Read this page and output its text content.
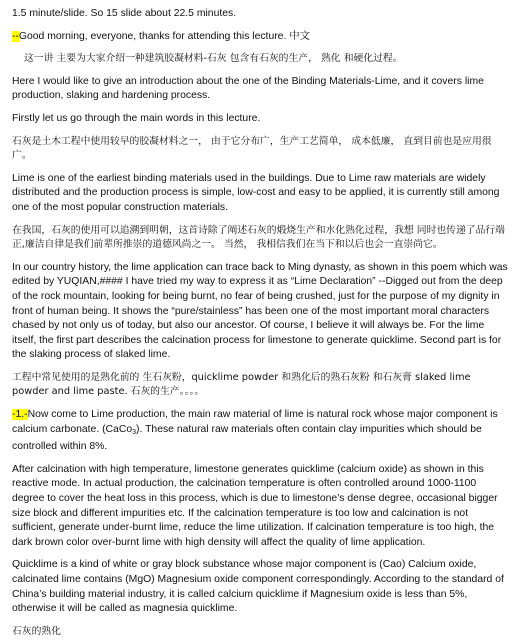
1.5 minute/slide. So 15 slide about 22.5 minutes.

--Good morning, everyone, thanks for attending this lecture. 中文

这一讲 主要为大家介绍一种建筑胶凝材料-石灰 包含有石灰的生产， 熟化 和硬化过程。

Here I would like to give an introduction about the one of the Binding Materials-Lime, and it covers lime production, slaking and hardening process.

Firstly let us go through the main words in this lecture.

石灰是土木工程中使用较早的胶凝材料之一， 由于它分布广，生产工艺简单， 成本低廉， 直到目前也是应用很广。

Lime is one of the earliest binding materials used in the buildings. Due to Lime raw materials are widely distributed and the production process is simple, low-cost and easy to be applied, it is currently still among one of the most popular construction materials.

在我国，石灰的使用可以追溯到明朝，这首诗除了阐述石灰的煅烧生产和水化熟化过程，我想 同时也传递了品行端正,廉洁自律是我们前辈所推崇的道德风尚之一。 当然， 我相信我们在当下和以后也会一直崇尚它。

In our country history, the lime application can trace back to Ming dynasty, as shown in this poem which was edited by YUQIAN,#### I have tried my way to express it as “Lime Declaration” --Digged out from the deep of the rock mountain, looking for being burnt, no fear of being crushed, just for the purpose of my dignity in front of human being. It shows the “pure/stainless” has been one of the most important moral characters chased by not only us of today, but also our ancestor. Of course, I believe it will always be. For the lime itself, the first part describes the calcination process for limestone to generate quicklime. Second part is for the slaking process of slaked lime.

工程中常见使用的是熟化前的 生石灰粉，quicklime powder 和熟化后的熟石灰粉 和石灰膏 slaked lime powder and lime paste. 石灰的生产。。。。

-1.-Now come to Lime production, the main raw material of lime is natural rock whose major component is calcium carbonate. (CaCo$_3$). These natural raw materials often contain clay impurities which should be controlled within 8%.

After calcination with high temperature, limestone generates quicklime (calcium oxide) as shown in this reactive mode. In actual production, the calcination temperature is often controlled around 1000-1100 degree to cover the heat loss in this process, which is due to limestone’s dense degree, occasional bigger size block and different impurities etc. If the calcination temperature is too low and calcination is not sufficient, generate under-burnt lime, reduce the lime utilization. If calcination temperature is too high, the dark brown color over-burnt lime with high density will affect the quality of lime application.

Quicklime is a kind of white or gray block substance whose major component is (Cao) Calcium oxide, calcinated lime contains (MgO) Magnesium oxide component correspondingly. According to the standard of China’s building material industry, it is called calcium quicklime if Magnesium oxide is less than 5%, otherwise it will be called as magnesia quicklime.

石灰的熟化
